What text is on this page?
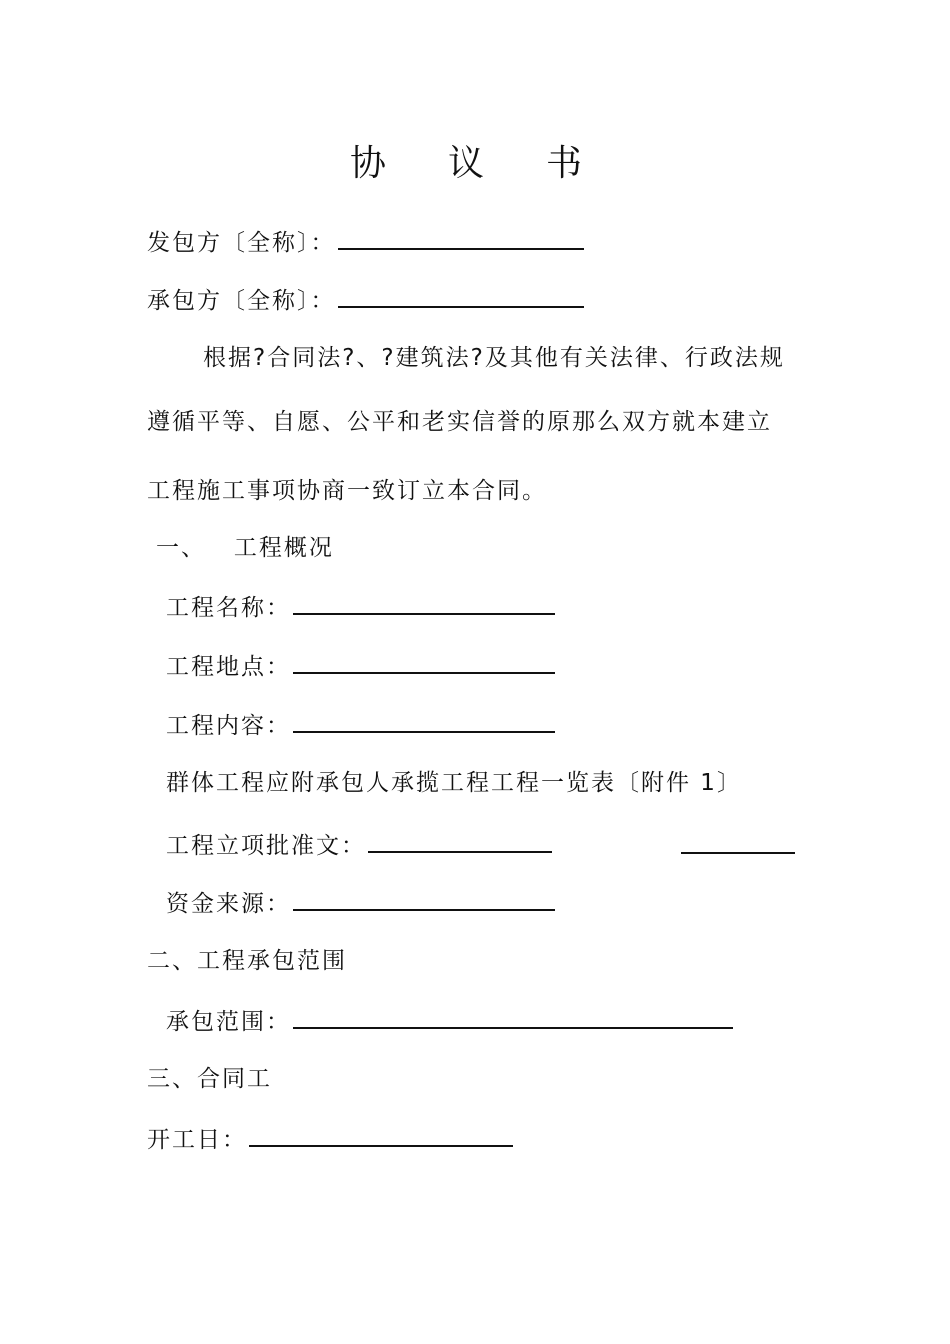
协 议 书
发包方〔全称〕：
承包方〔全称〕：
根据?合同法?、?建筑法?及其他有关法律、行政法规
遵循平等、自愿、公平和老实信誉的原那么双方就本建立
工程施工事项协商一致订立本合同。
一、   工程概况
工程名称：
工程地点：
工程内容：
群体工程应附承包人承揽工程工程一览表〔附件 1〕
工程立项批准文：
资金来源：
二、工程承包范围
承包范围：
三、合同工
开工日：
